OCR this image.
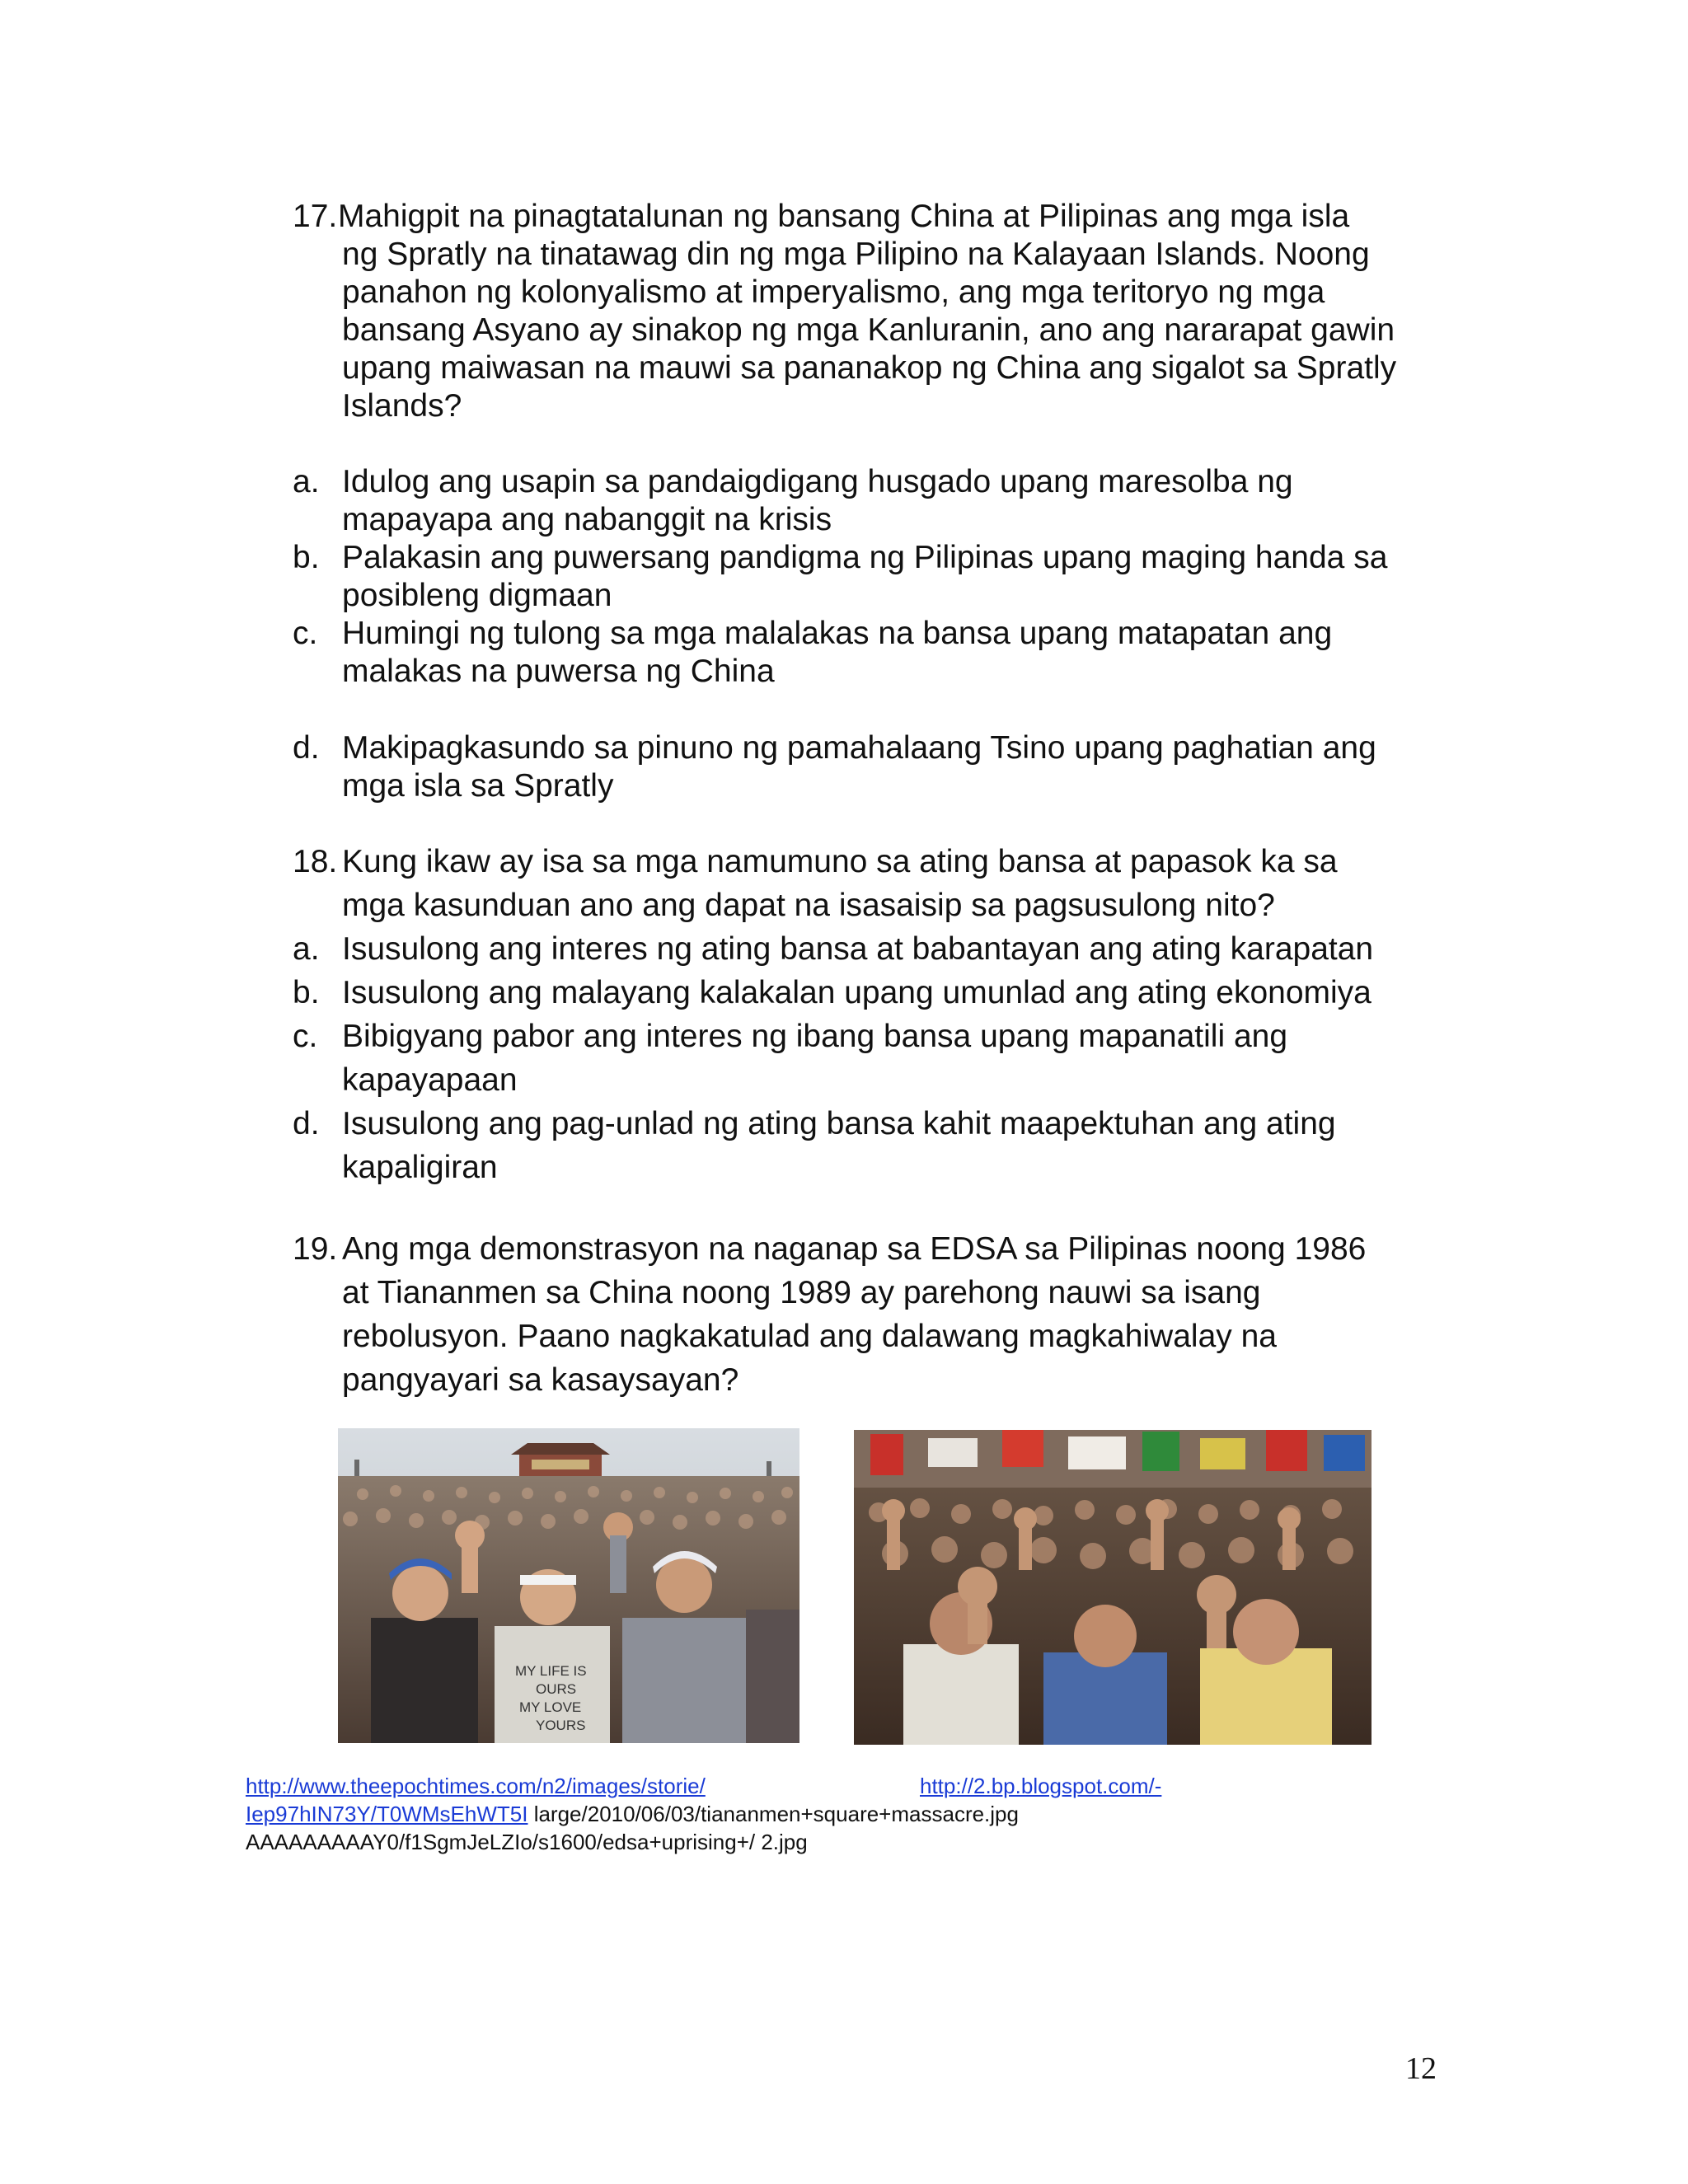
17. Mahigpit na pinagtatalunan ng bansang China at Pilipinas ang mga isla
ng Spratly na tinatawag din ng mga Pilipino na Kalayaan Islands. Noong
panahon ng kolonyalismo at imperyalismo, ang mga teritoryo ng mga
bansang Asyano ay sinakop ng mga Kanluranin, ano ang nararapat gawin
upang maiwasan na mauwi sa pananakop ng China ang sigalot sa Spratly
Islands?
a. Idulog ang usapin sa pandaigdigang husgado upang maresolba ng
mapayapa ang nabanggit na krisis
b. Palakasin ang puwersang pandigma ng Pilipinas upang maging handa sa
posibleng digmaan
c. Humingi ng tulong sa mga malalakas na bansa upang matapatan ang
malakas na puwersa ng China
d. Makipagkasundo sa pinuno ng pamahalaang Tsino upang paghatian ang
mga isla sa Spratly
18. Kung ikaw ay isa sa mga namumuno sa ating bansa at papasok ka sa
mga kasunduan ano ang dapat na isasaisip sa pagsusulong nito?
a. Isusulong ang interes ng ating bansa at babantayan ang ating karapatan
b. Isusulong ang malayang kalakalan upang umunlad ang ating ekonomiya
c. Bibigyang pabor ang interes ng ibang bansa upang mapanatili ang
kapayapaan
d. Isusulong ang pag-unlad ng ating bansa kahit maapektuhan ang ating
kapaligiran
19. Ang mga demonstrasyon na naganap sa EDSA sa Pilipinas noong 1986
at Tiananmen sa China noong 1989 ay parehong nauwi sa isang
rebolusyon. Paano nagkakatulad ang dalawang magkahiwalay na
pangyayari sa kasaysayan?
MY LIFE IS
OURS
MY LOVE
YOURS
http://www.theepochtimes.com/n2/images/storie/	http://2.bp.blogspot.com/-
Iep97hIN73Y/T0WMsEhWT5I large/2010/06/03/tiananmen+square+massacre.jpg
AAAAAAAAAY0/f1SgmJeLZIo/s1600/edsa+uprising+/ 2.jpg
12
